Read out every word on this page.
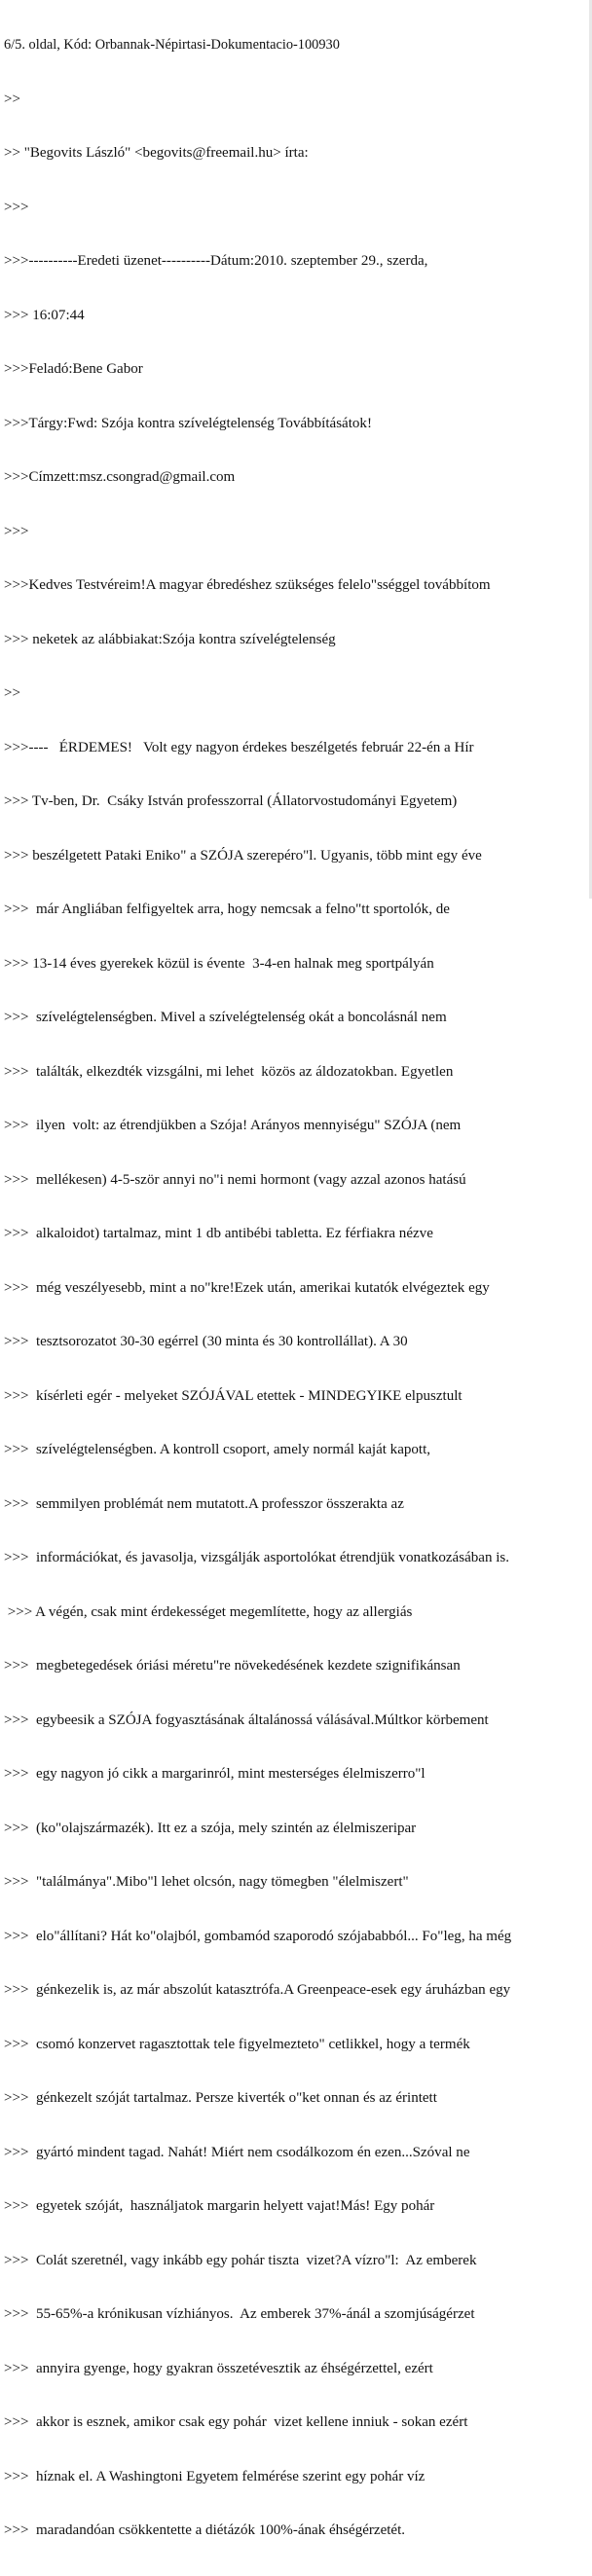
6/5. oldal, Kód: Orbannak-Népirtasi-Dokumentacio-100930

>>

>> "Begovits László" <begovits@freemail.hu> írta:

>>>

>>>----------Eredeti üzenet----------Dátum:2010. szeptember 29., szerda,

>>> 16:07:44

>>>Feladó:Bene Gabor

>>>Tárgy:Fwd: Szója kontra szívelégtelenség Továbbításátok!

>>>Címzett:msz.csongrad@gmail.com

>>>

>>>Kedves Testvéreim!A magyar ébredéshez szükséges felelo"sséggel továbbítom

>>> neketek az alábbiakat:Szója kontra szívelégtelenség

>>

>>>----   ÉRDEMES!   Volt egy nagyon érdekes beszélgetés február 22-én a Hír

>>> Tv-ben, Dr.  Csáky István professzorral (Állatorvostudományi Egyetem)

>>> beszélgetett Pataki Eniko" a SZÓJA szerepéro"l. Ugyanis, több mint egy éve

>>>  már Angliában felfigyeltek arra, hogy nemcsak a felno"tt sportolók, de

>>> 13-14 éves gyerekek közül is évente  3-4-en halnak meg sportpályán

>>>  szívelégtelenségben. Mivel a szívelégtelenség okát a boncolásnál nem

>>>  találták, elkezdték vizsgálni, mi lehet  közös az áldozatokban. Egyetlen

>>>  ilyen  volt: az étrendjükben a Szója! Arányos mennyiségu" SZÓJA (nem

>>>  mellékesen) 4-5-ször annyi no"i nemi hormont (vagy azzal azonos hatású

>>>  alkaloidot) tartalmaz, mint 1 db antibébi tabletta. Ez férfiakra nézve

>>>  még veszélyesebb, mint a no"kre!Ezek után, amerikai kutatók elvégeztek egy

>>>  tesztsorozatot 30-30 egérrel (30 minta és 30 kontrollállat). A 30

>>>  kísérleti egér - melyeket SZÓJÁVAL etettek - MINDEGYIKE elpusztult

>>>  szívelégtelenségben. A kontroll csoport, amely normál kaját kapott,

>>>  semmilyen problémát nem mutatott.A professzor összerakta az

>>>  információkat, és javasolja, vizsgálják asportolókat étrendjük vonatkozásában is.

>>> A végén, csak mint érdekességet megemlítette, hogy az allergiás

>>>  megbetegedések óriási méretu"re növekedésének kezdete szignifikánsan

>>>  egybeesik a SZÓJA fogyasztásának általánossá válásával.Múltkor körbement

>>>  egy nagyon jó cikk a margarinról, mint mesterséges élelmiszerro"l

>>>  (ko"olajszármazék). Itt ez a szója, mely szintén az élelmiszeripar

>>>  "találmánya".Mibo"l lehet olcsón, nagy tömegben "élelmiszert"

>>>  elo"állítani? Hát ko"olajból, gombamód szaporodó szójababból... Fo"leg, ha még

>>>  génkezelik is, az már abszolút katasztrófa.A Greenpeace-esek egy áruházban egy

>>>  csomó konzervet ragasztottak tele figyelmezteto" cetlikkel, hogy a termék

>>>  génkezelt szóját tartalmaz. Persze kiverték o"ket onnan és az érintett

>>>  gyártó mindent tagad. Nahát! Miért nem csodálkozom én ezen...Szóval ne

>>>  egyetek szóját,  használjatok margarin helyett vajat!Más! Egy pohár

>>>  Colát szeretnél, vagy inkább egy pohár tiszta  vizet?A vízro"l:  Az emberek

>>>  55-65%-a krónikusan vízhiányos.  Az emberek 37%-ánál a szomjúságérzet

>>>  annyira gyenge, hogy gyakran összetévesztik az éhségérzettel, ezért

>>>  akkor is esznek, amikor csak egy pohár  vizet kellene inniuk - sokan ezért

>>>  híznak el. A Washingtoni Egyetem felmérése szerint egy pohár víz

>>>  maradandóan csökkentette a diétázók 100%-ának éhségérzetét.
